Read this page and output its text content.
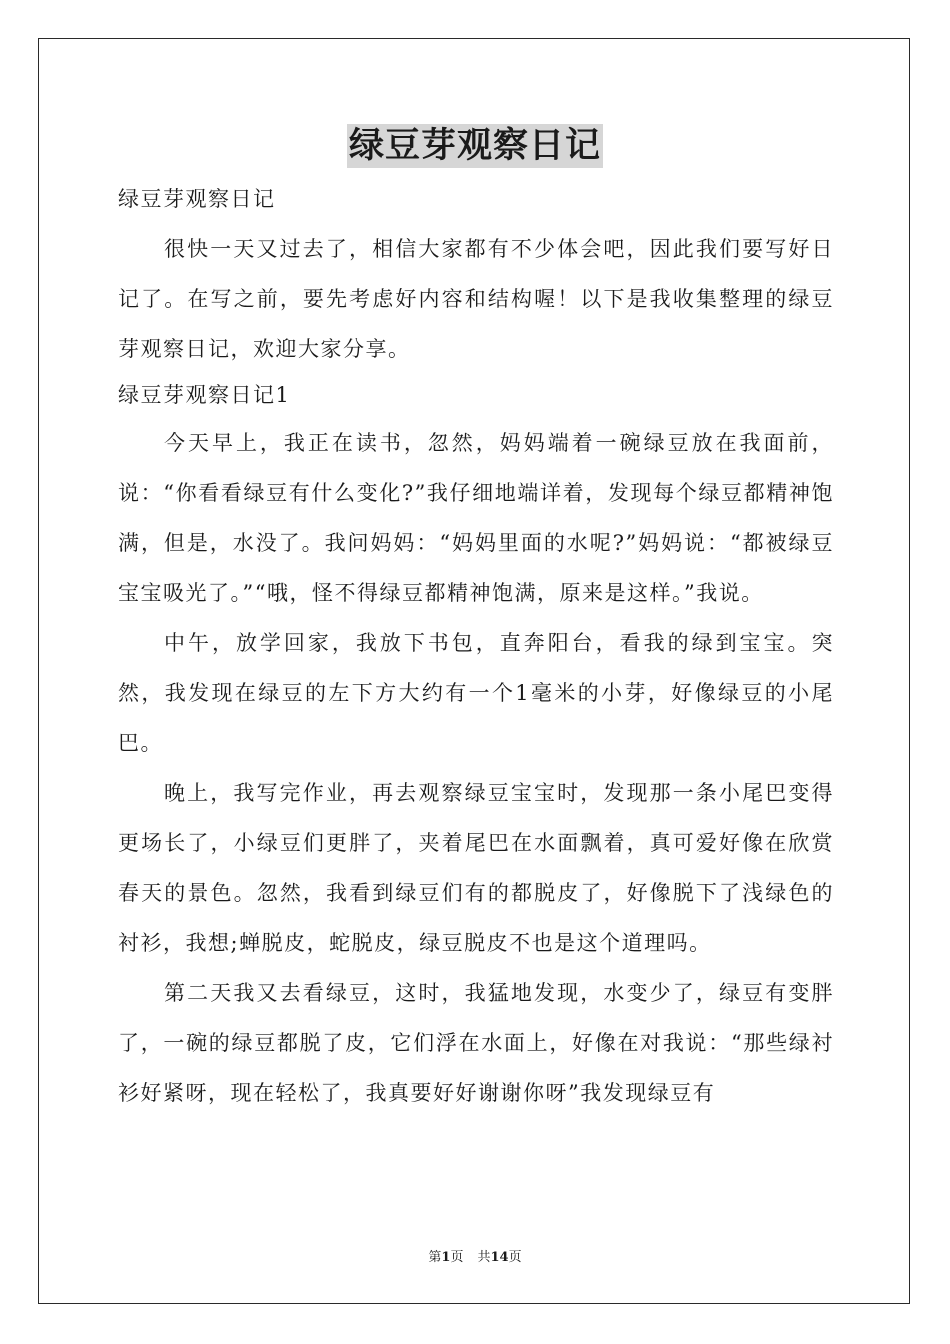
绿豆芽观察日记

绿豆芽观察日记

很快一天又过去了，相信大家都有不少体会吧，因此我们要写好日记了。在写之前，要先考虑好内容和结构喔！以下是我收集整理的绿豆芽观察日记，欢迎大家分享。

绿豆芽观察日记1

今天早上，我正在读书，忽然，妈妈端着一碗绿豆放在我面前，说：“你看看绿豆有什么变化?”我仔细地端详着，发现每个绿豆都精神饱满，但是，水没了。我问妈妈：“妈妈里面的水呢?”妈妈说：“都被绿豆宝宝吸光了。”“哦，怪不得绿豆都精神饱满，原来是这样。”我说。

中午，放学回家，我放下书包，直奔阳台，看我的绿到宝宝。突然，我发现在绿豆的左下方大约有一个1毫米的小芽，好像绿豆的小尾巴。

晚上，我写完作业，再去观察绿豆宝宝时，发现那一条小尾巴变得更场长了，小绿豆们更胖了，夹着尾巴在水面飘着，真可爱好像在欣赏春天的景色。忽然，我看到绿豆们有的都脱皮了，好像脱下了浅绿色的衬衫，我想;蝉脱皮，蛇脱皮，绿豆脱皮不也是这个道理吗。

第二天我又去看绿豆，这时，我猛地发现，水变少了，绿豆有变胖了，一碗的绿豆都脱了皮，它们浮在水面上，好像在对我说：“那些绿衬衫好紧呀，现在轻松了，我真要好好谢谢你呀”我发现绿豆有

第1页 共14页
